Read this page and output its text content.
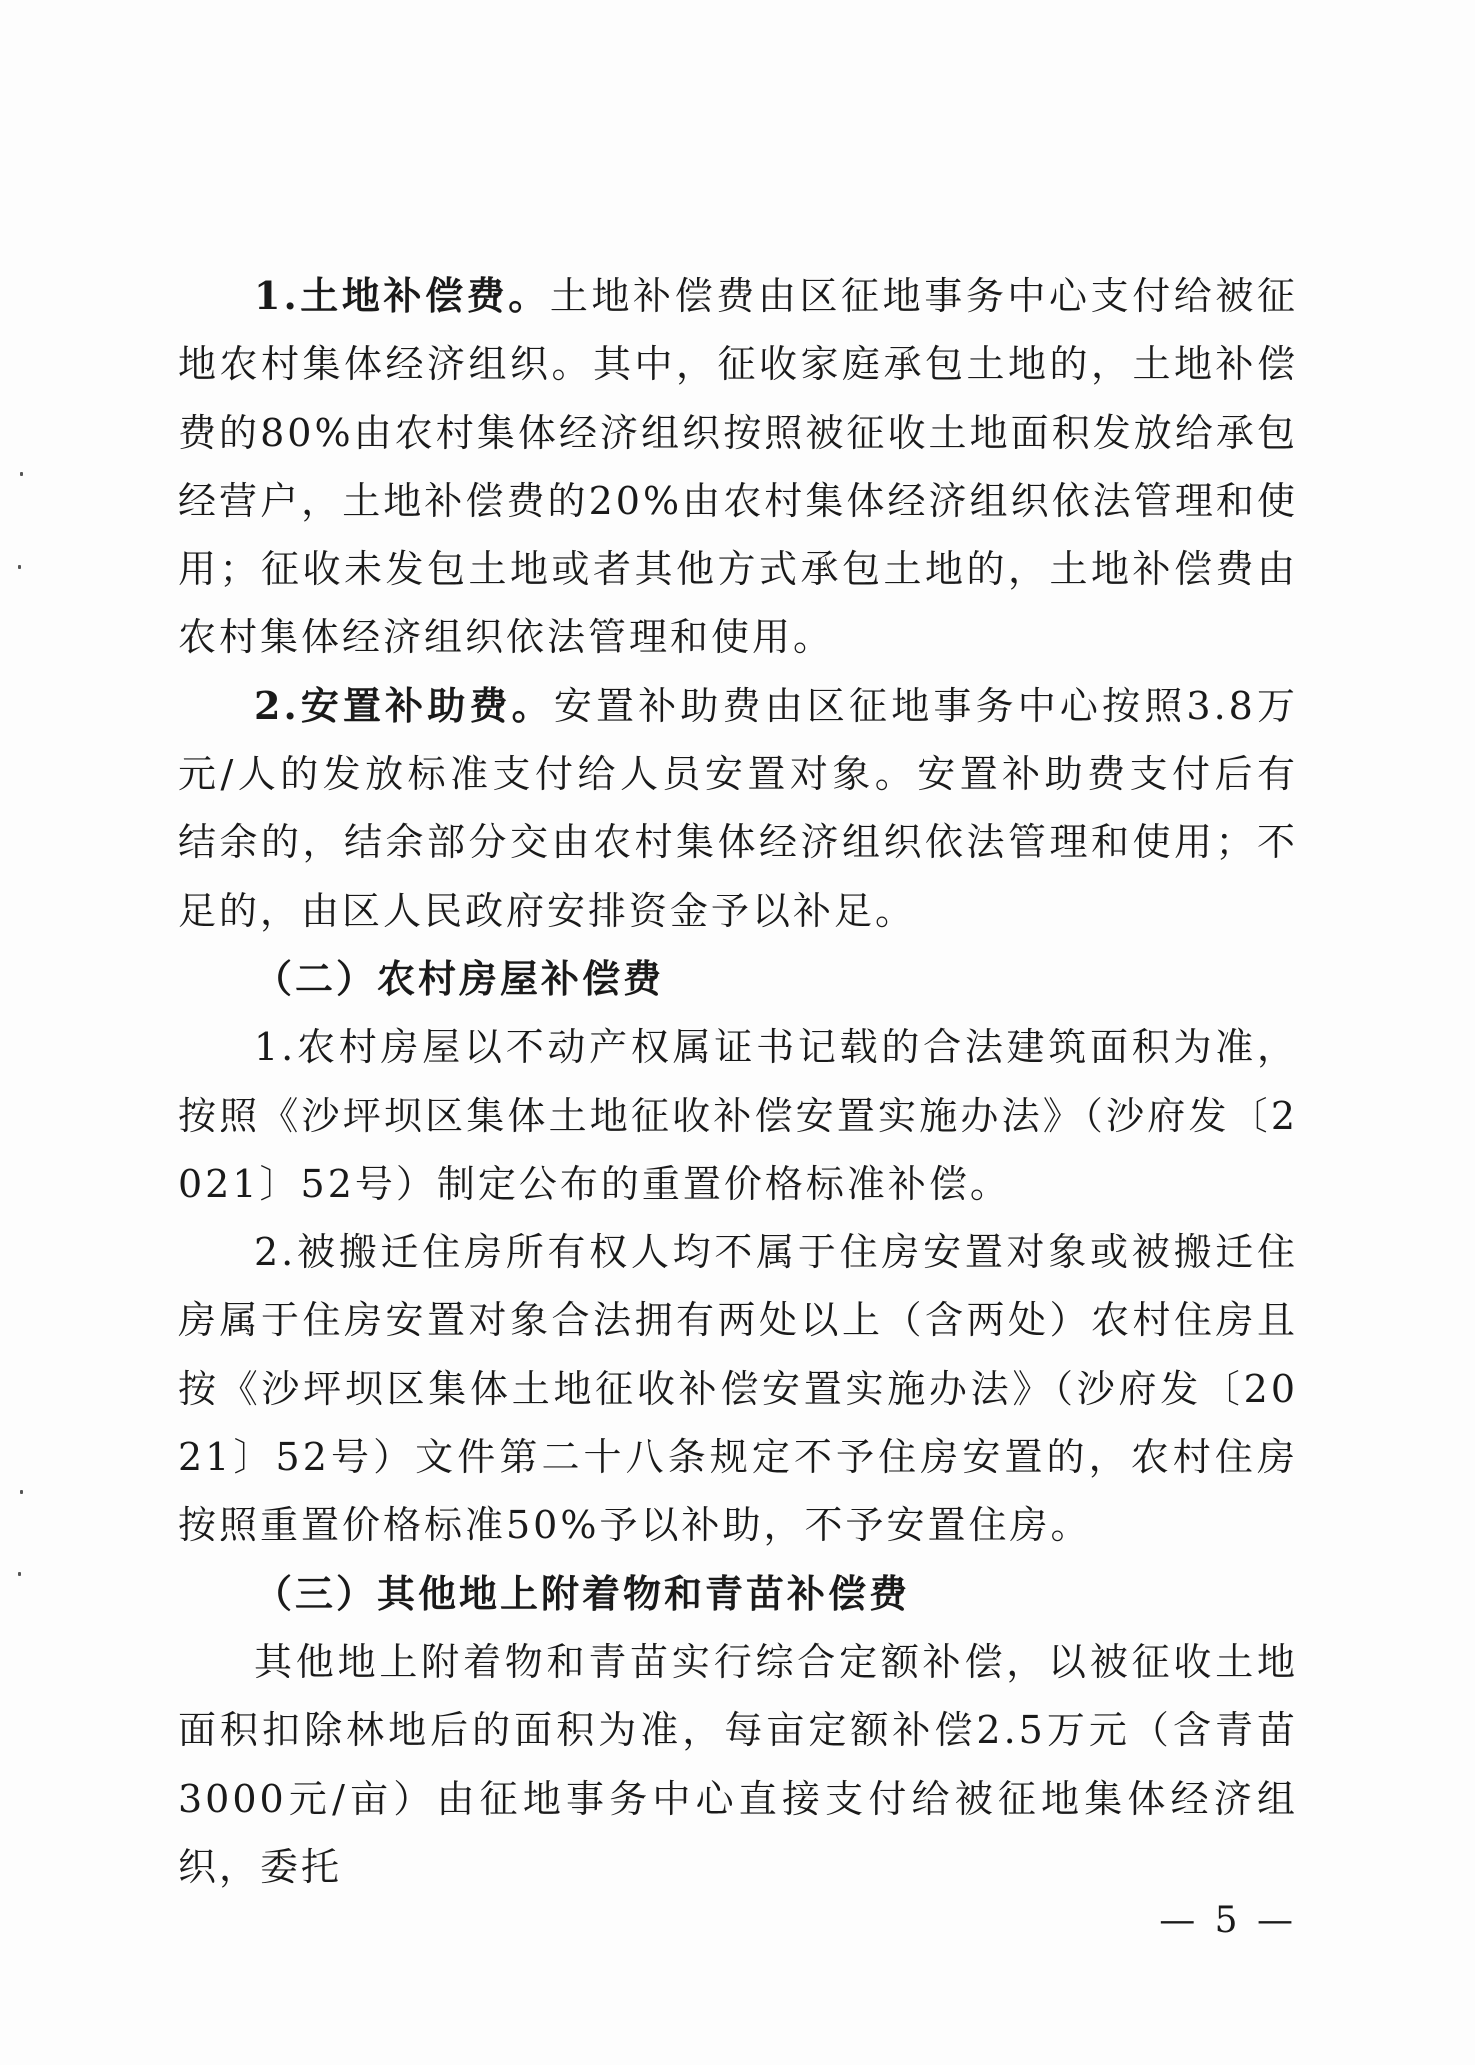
1.土地补偿费。土地补偿费由区征地事务中心支付给被征地农村集体经济组织。其中，征收家庭承包土地的，土地补偿费的80%由农村集体经济组织按照被征收土地面积发放给承包经营户，土地补偿费的20%由农村集体经济组织依法管理和使用；征收未发包土地或者其他方式承包土地的，土地补偿费由农村集体经济组织依法管理和使用。

2.安置补助费。安置补助费由区征地事务中心按照3.8万元/人的发放标准支付给人员安置对象。安置补助费支付后有结余的，结余部分交由农村集体经济组织依法管理和使用；不足的，由区人民政府安排资金予以补足。

（二）农村房屋补偿费

1.农村房屋以不动产权属证书记载的合法建筑面积为准，按照《沙坪坝区集体土地征收补偿安置实施办法》（沙府发〔2021〕52号）制定公布的重置价格标准补偿。

2.被搬迁住房所有权人均不属于住房安置对象或被搬迁住房属于住房安置对象合法拥有两处以上（含两处）农村住房且按《沙坪坝区集体土地征收补偿安置实施办法》（沙府发〔2021〕52号）文件第二十八条规定不予住房安置的，农村住房按照重置价格标准50%予以补助，不予安置住房。

（三）其他地上附着物和青苗补偿费

其他地上附着物和青苗实行综合定额补偿，以被征收土地面积扣除林地后的面积为准，每亩定额补偿2.5万元（含青苗3000元/亩）由征地事务中心直接支付给被征地集体经济组织，委托

— 5 —
